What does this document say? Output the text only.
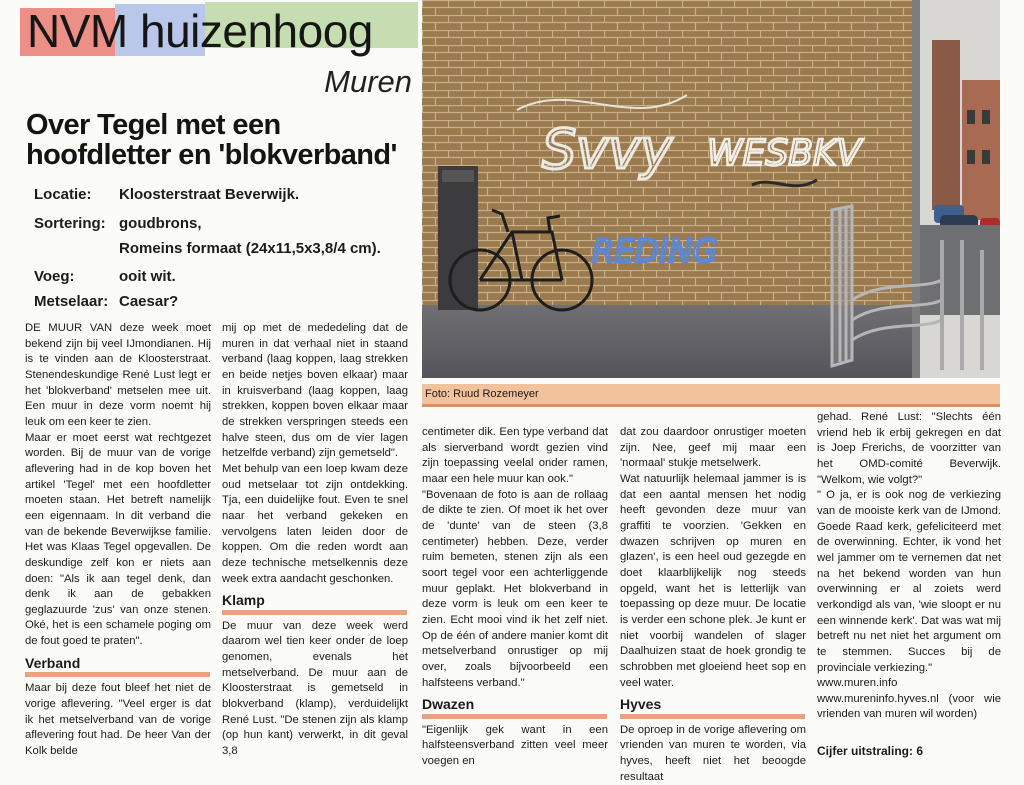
NVM huizenhoog
Muren
Over Tegel met een hoofdletter en 'blokverband'
Locatie: Kloosterstraat Beverwijk.
Sortering: goudbrons,
Romeins formaat (24x11,5x3,8/4 cm).
Voeg:	ooit wit.
Metselaar: Caesar?
Svvy WESBKV
REDING
Foto: Ruud Rozemeyer

DE MUUR VAN deze week moet bekend zijn bij veel IJmondianen. Hij is te vinden aan de Kloosterstraat. Stenendeskundige René Lust legt er het 'blokverband' metselen mee uit. Een muur in deze vorm noemt hij leuk om een keer te zien.

Maar er moet eerst wat rechtgezet worden. Bij de muur van de vorige aflevering had in de kop boven het artikel 'Tegel' met een hoofdletter moeten staan. Het betreft namelijk een eigennaam. In dit verband die van de bekende Beverwijkse familie. Het was Klaas Tegel opgevallen. De deskundige zelf kon er niets aan doen: "Als ik aan tegel denk, dan denk ik aan de gebakken geglazuurde 'zus' van onze stenen. Oké, het is een schamele poging om de fout goed te praten".

Verband

Maar bij deze fout bleef het niet de vorige aflevering. "Veel erger is dat ik het metselverband van de vorige aflevering fout had. De heer Van der Kolk belde

mij op met de mededeling dat de muren in dat verhaal niet in staand verband (laag koppen, laag strekken en beide netjes boven elkaar) maar in kruisverband (laag koppen, laag strekken, koppen boven elkaar maar de strekken verspringen steeds een halve steen, dus om de vier lagen hetzelfde verband) zijn gemetseld".

Met behulp van een loep kwam deze oud metselaar tot zijn ontdekking. Tja, een duidelijke fout. Even te snel naar het verband gekeken en vervolgens laten leiden door de koppen. Om die reden wordt aan deze technische metselkennis deze week extra aandacht geschonken.

Klamp

De muur van deze week werd daarom wel tien keer onder de loep genomen, evenals het metselverband. De muur aan de Kloosterstraat is gemetseld in blokverband (klamp), verduidelijkt René Lust. "De stenen zijn als klamp (op hun kant) verwerkt, in dit geval 3,8

centimeter dik. Een type verband dat als sierverband wordt gezien vind zijn toepassing veelal onder ramen, maar een hele muur kan ook."

"Bovenaan de foto is aan de rollaag de dikte te zien. Of moet ik het over de 'dunte' van de steen (3,8 centimeter) hebben. Deze, verder ruim bemeten, stenen zijn als een soort tegel voor een achterliggende muur geplakt. Het blokverband in deze vorm is leuk om een keer te zien. Echt mooi vind ik het zelf niet. Op de één of andere manier komt dit metselverband onrustiger op mij over, zoals bijvoorbeeld een halfsteens verband."

Dwazen

"Eigenlijk gek want in een halfsteensverband zitten veel meer voegen en

dat zou daardoor onrustiger moeten zijn. Nee, geef mij maar een 'normaal' stukje metselwerk.

Wat natuurlijk helemaal jammer is is dat een aantal mensen het nodig heeft gevonden deze muur van graffiti te voorzien. 'Gekken en dwazen schrijven op muren en glazen', is een heel oud gezegde en doet klaarblijkelijk nog steeds opgeld, want het is letterlijk van toepassing op deze muur. De locatie is verder een schone plek. Je kunt er niet voorbij wandelen of slager Daalhuizen staat de hoek grondig te schrobben met gloeiend heet sop en veel water.

Hyves

De oproep in de vorige aflevering om vrienden van muren te worden, via hyves, heeft niet het beoogde resultaat

gehad. René Lust: "Slechts één vriend heb ik erbij gekregen en dat is Joep Frerichs, de voorzitter van het OMD-comité Beverwijk. "Welkom, wie volgt?"

" O ja, er is ook nog de verkiezing van de mooiste kerk van de IJmond. Goede Raad kerk, gefeliciteerd met de overwinning. Echter, ik vond het wel jammer om te vernemen dat net na het bekend worden van hun overwinning er al zoiets werd verkondigd als van, 'wie sloopt er nu een winnende kerk'. Dat was wat mij betreft nu net niet het argument om te stemmen. Succes bij de provinciale verkiezing."

www.muren.info

www.mureninfo.hyves.nl (voor wie vrienden van muren wil worden)

Cijfer uitstraling: 6
